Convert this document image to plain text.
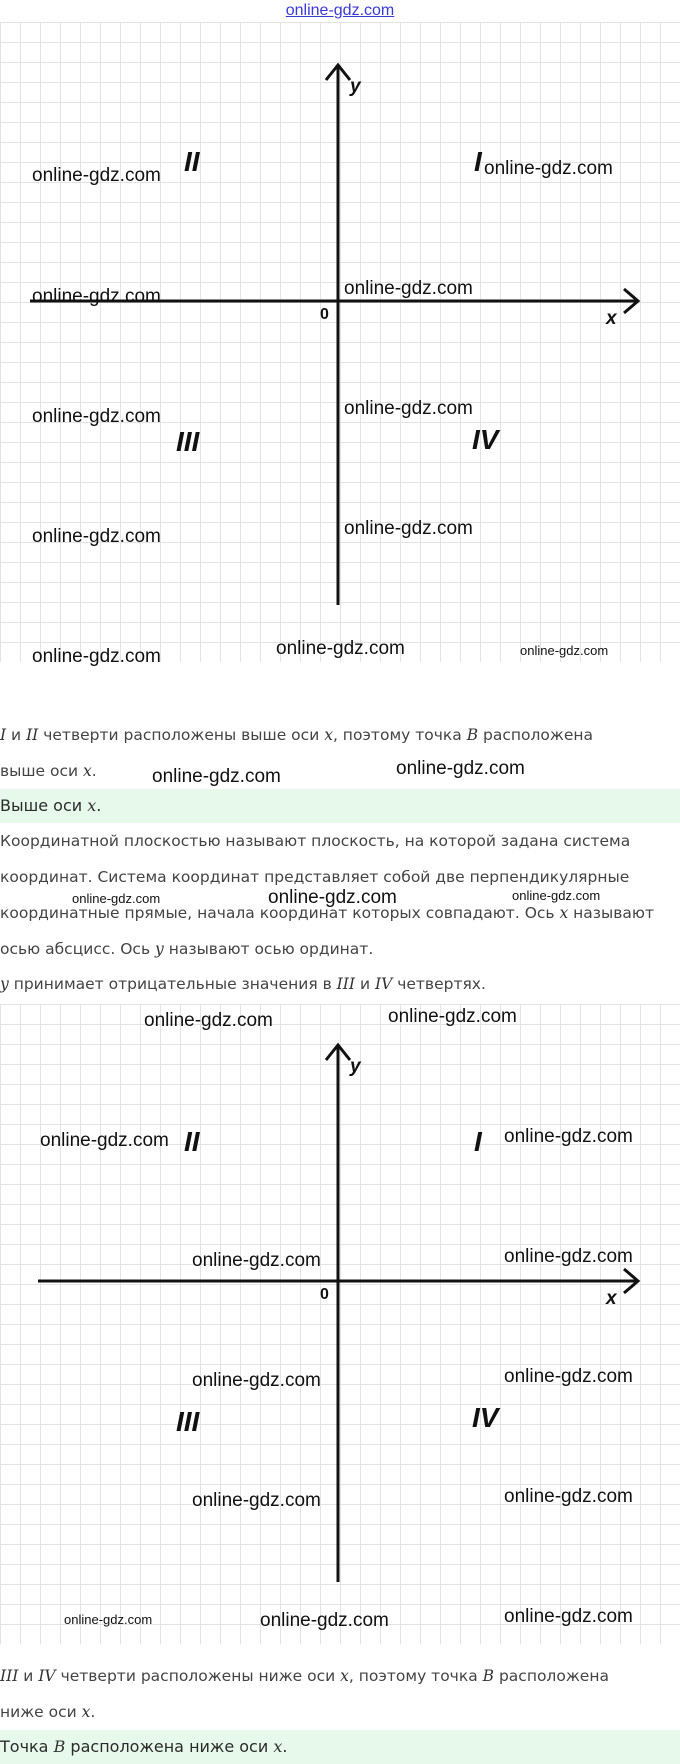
online-gdz.com
y
x
0
II	I
III	IV
online-gdz.com	online-gdz.com
online-gdz.com	online-gdz.com
online-gdz.com	online-gdz.com
online-gdz.com	online-gdz.com
online-gdz.com	online-gdz.com	online-gdz.com
I и II четверти расположены выше оси x, поэтому точка B расположена
выше оси x.	online-gdz.com	online-gdz.com
Выше оси x.
Координатной плоскостью называют плоскость, на которой задана система
координат. Система координат представляет собой две перпендикулярные
координатные прямые, начала координат которых совпадают. Ось x называют
осью абсцисс. Ось y называют осью ординат.
online-gdz.com	online-gdz.com	online-gdz.com
y принимает отрицательные значения в III и IV четвертях.
y
x
0
II	I
III	IV
online-gdz.com	online-gdz.com
online-gdz.com	online-gdz.com
online-gdz.com	online-gdz.com
online-gdz.com	online-gdz.com
online-gdz.com	online-gdz.com
online-gdz.com	online-gdz.com	online-gdz.com
III и IV четверти расположены ниже оси x, поэтому точка B расположена
ниже оси x.
Точка B расположена ниже оси x.
